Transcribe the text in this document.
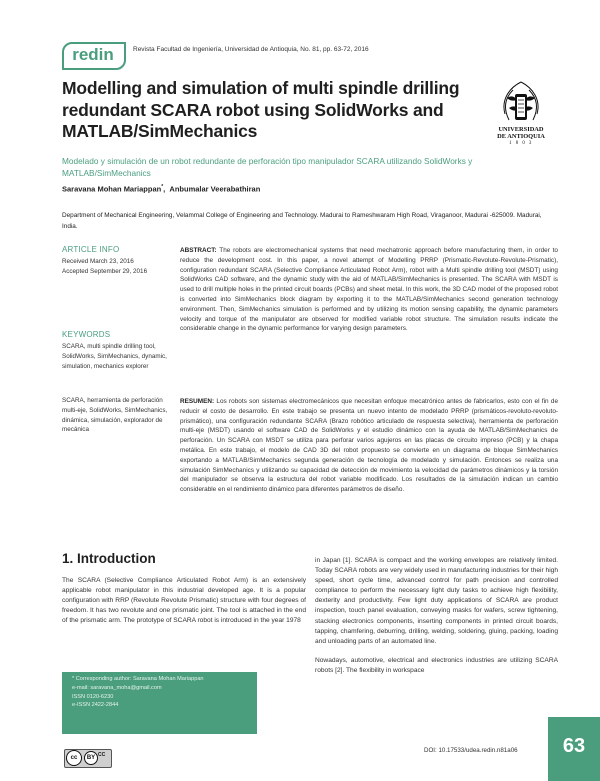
redin	Revista Facultad de Ingeniería, Universidad de Antioquia, No. 81, pp. 63-72, 2016
Modelling and simulation of multi spindle drilling redundant SCARA robot using SolidWorks and MATLAB/SimMechanics	UNIVERSIDAD
DE ANTIOQUIA
1 8 0 3
Modelado y simulación de un robot redundante de perforación tipo manipulador SCARA utilizando SolidWorks y MATLAB/SimMechanics
Saravana Mohan Mariappan*, Anbumalar Veerabathiran
Department of Mechanical Engineering, Velammal College of Engineering and Technology. Madurai to Rameshwaram High Road, Viraganoor, Madurai -625009. Madurai, India.
ARTICLE INFO
Received March 23, 2016
Accepted September 29, 2016
KEYWORDS
SCARA, multi spindle drilling tool, SolidWorks, SimMechanics, dynamic, simulation, mechanics explorer
SCARA, herramienta de perforación multi-eje, SolidWorks, SimMechanics, dinámica, simulación, explorador de mecánica
ABSTRACT: The robots are electromechanical systems that need mechatronic approach before manufacturing them, in order to reduce the development cost. In this paper, a novel attempt of Modelling PRRP (Prismatic-Revolute-Revolute-Prismatic), configuration redundant SCARA (Selective Compliance Articulated Robot Arm), robot with a Multi spindle drilling tool (MSDT) using SolidWorks CAD software, and the dynamic study with the aid of MATLAB/SimMechanics is presented. The SCARA with MSDT is used to drill multiple holes in the printed circuit boards (PCBs) and sheet metal. In this work, the 3D CAD model of the proposed robot is converted into SimMechanics block diagram by exporting it to the MATLAB/SimMechanics second generation technology environment. Then, SimMechanics simulation is performed and by utilizing its motion sensing capability, the dynamic parameters velocity and torque of the manipulator are observed for modified variable robot structure. The simulation results indicate the considerable change in the dynamic performance for varying design parameters.
RESUMEN: Los robots son sistemas electromecánicos que necesitan enfoque mecatrónico antes de fabricarlos, esto con el fin de reducir el costo de desarrollo. En este trabajo se presenta un nuevo intento de modelado PRRP (prismáticos-revoluto-revoluto-prismático), una configuración redundante SCARA (Brazo robótico articulado de respuesta selectiva), herramienta de perforación multi-eje (MSDT) usando el software CAD de SolidWorks y el estudio dinámico con la ayuda de MATLAB/SimMechanics de perforación. Un SCARA con MSDT se utiliza para perforar varios agujeros en las placas de circuito impreso (PCB) y la chapa metálica. En este trabajo, el modelo de CAD 3D del robot propuesto se convierte en un diagrama de bloque SimMechanics exportando a MATLAB/SimMechanics segunda generación de tecnología de modelado y simulación. Entonces se realiza una simulación SimMechanics y utilizando su capacidad de detección de movimiento la velocidad de parámetros dinámicos y la torsión del manipulador se observa la estructura del robot variable modificado. Los resultados de la simulación indican un cambio considerable en el rendimiento dinámico para diferentes parámetros de diseño.
1. Introduction
The SCARA (Selective Compliance Articulated Robot Arm) is an extensively applicable robot manipulator in this industrial developed age. It is a popular configuration with RRP (Revolute Revolute Prismatic) structure with four degrees of freedom. It has two revolute and one prismatic joint. The tool is attached in the end of the prismatic arm. The prototype of SCARA robot is introduced in the year 1978

in Japan [1]. SCARA is compact and the working envelopes are relatively limited. Today SCARA robots are very widely used in manufacturing industries for their high speed, short cycle time, advanced control for path precision and controlled compliance to perform the necessary light duty tasks to achieve high flexibility, dexterity and productivity. Few light duty applications of SCARA are product inspection, touch panel evaluation, conveying masks for wafers, screw tightening, stacking electronics components, inserting components in printed circuit boards, tapping, chamfering, deburring, drilling, welding, soldering, gluing, packing, loading and unloading parts of an automated line.

Nowadays, automotive, electrical and electronics industries are utilizing SCARA robots [2]. The flexibility in workspace

* Corresponding author: Saravana Mohan Mariappan
e-mail: saravana_moha@gmail.com
ISSN 0120-6230
e-ISSN 2422-2844
cc	BY CC
DOI: 10.17533/udea.redin.n81a06	63
